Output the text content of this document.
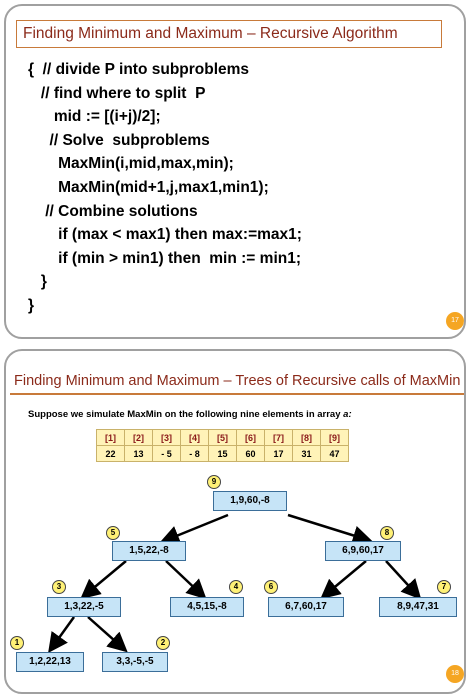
Finding Minimum and Maximum – Recursive Algorithm
{  // divide P into subproblems
// find where to split  P
mid := [(i+j)/2];
// Solve  subproblems
MaxMin(i,mid,max,min);
MaxMin(mid+1,j,max1,min1);
// Combine solutions
if (max < max1) then max:=max1;
if (min > min1) then  min := min1;
}
}
17
Finding Minimum and Maximum – Trees of Recursive calls of MaxMin
Suppose we simulate MaxMin on the following nine elements in array a:
[1]	[2]	[3]	[4]	[5]	[6]	[7]	[8]	[9]
22	13	- 5	- 8	15	60	17	31	47
1,9,60,-8
9
1,5,22,-8
5
6,9,60,17
8
1,3,22,-5
3
4,5,15,-8
4
6,7,60,17
6
8,9,47,31
7
1,2,22,13
1
3,3,-5,-5
2
18
